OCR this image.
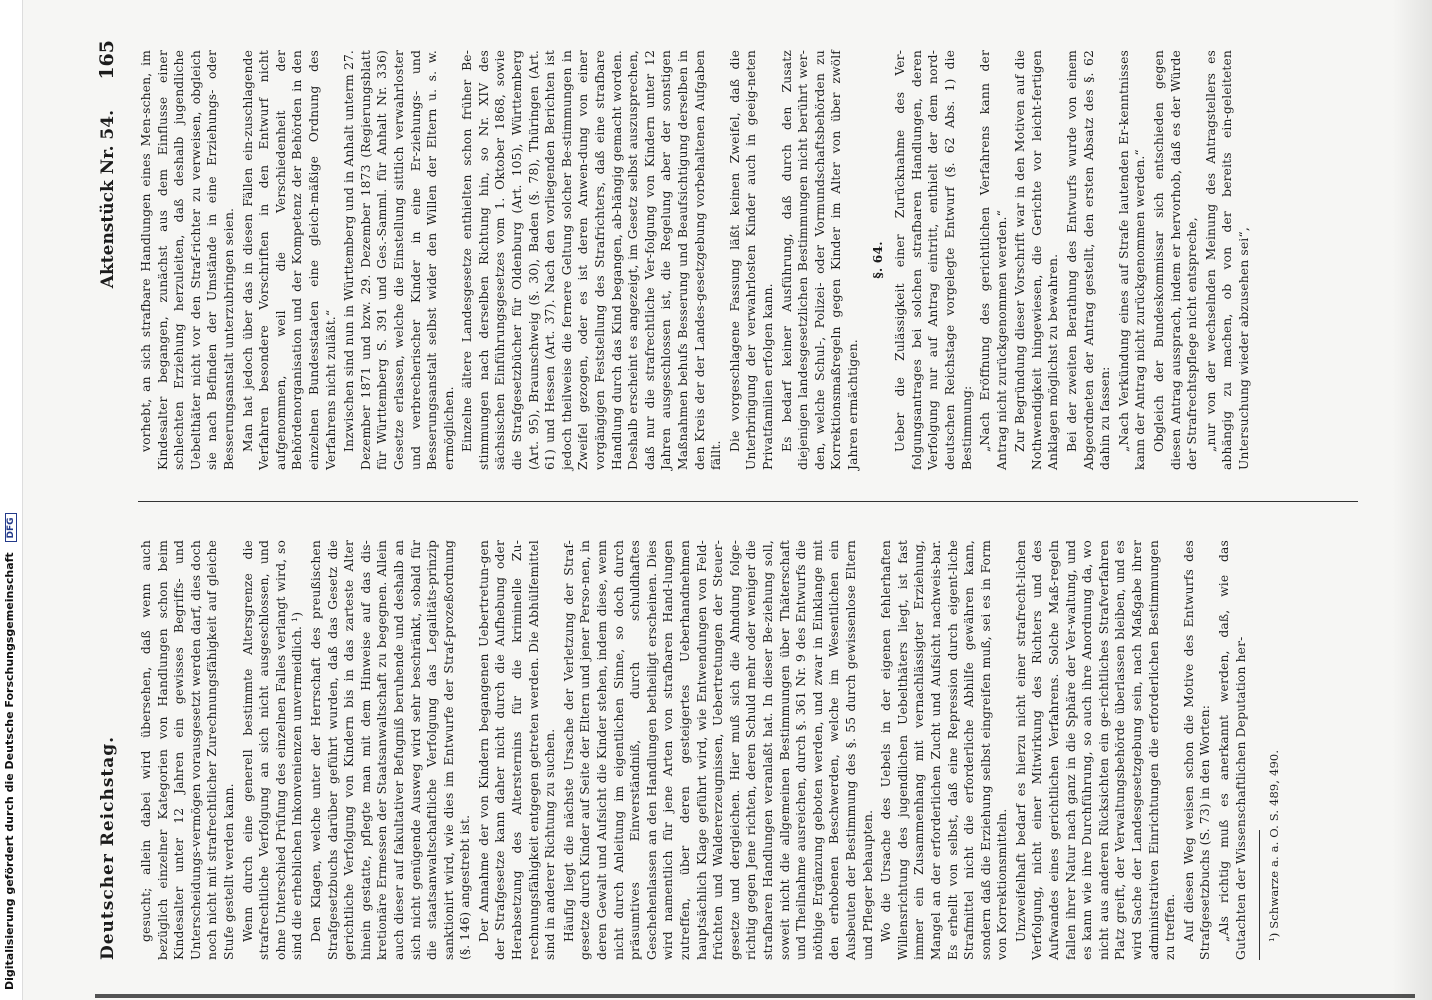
Digitalisierung gefördert durch die Deutsche Forschungsgemeinschaft DFG
Deutscher Reichstag.
Aktenstück Nr. 54.
165

gesucht; allein dabei wird übersehen, daß wenn auch bezüglich einzelner Kategorien von Handlungen schon beim Kindesalter unter 12 Jahren ein gewisses Begriffs- und Unterscheidungs-vermögen vorausgesetzt werden darf, dies doch noch nicht mit strafrechtlicher Zurechnungsfähigkeit auf gleiche Stufe gestellt werden kann. Wenn durch eine generell bestimmte Altersgrenze die strafrechtliche Verfolgung an sich nicht ausgeschlossen, und ohne Unterschied Prüfung des einzelnen Falles verlangt wird, so sind die erheblichen Inkonvenienzen unvermeidlich. ¹) Den Klagen, welche unter der Herrschaft des preußischen Strafgesetzbuchs darüber geführt wurden, daß das Gesetz die gerichtliche Verfolgung von Kindern bis in das zarteste Alter hinein gestatte, pflegte man mit dem Hinweise auf das dis-kretionäre Ermessen der Staatsanwaltschaft zu begegnen. Allein auch dieser auf fakultativer Befugniß beruhende und deshalb an sich nicht genügende Ausweg wird sehr beschränkt, sobald für die staatsanwaltschaftliche Verfolgung das Legalitäts-prinzip sanktionirt wird, wie dies im Entwurfe der Straf-prozeßordnung (§. 146) angestrebt ist. Der Annahme der von Kindern begangenen Uebertretun-gen der Strafgesetze kann daher nicht durch die Aufhebung oder Herabsetzung des Altersternins für die kriminelle Zu-rechnungsfähigkeit entgegen getreten werden. Die Abhülfemittel sind in anderer Richtung zu suchen. Häufig liegt die nächste Ursache der Verletzung der Straf-gesetze durch Kinder auf Seite der Eltern und jener Perso-nen, in deren Gewalt und Aufsicht die Kinder stehen, indem diese, wenn nicht durch Anleitung im eigentlichen Sinne, so doch durch präsumtives Einverständniß, durch schuldhaftes Geschehenlassen an den Handlungen betheiligt erscheinen. Dies wird namentlich für jene Arten von strafbaren Hand-lungen zutreffen, über deren gesteigertes Ueberhandnehmen hauptsächlich Klage geführt wird, wie Entwendungen von Feld-früchten und Waldererzeugnissen, Uebertretungen der Steuer-gesetze und dergleichen. Hier muß sich die Ahndung folge-richtig gegen Jene richten, deren Schuld mehr oder weniger die strafbaren Handlungen veranlaßt hat. In dieser Be-ziehung soll, soweit nicht die allgemeinen Bestimmungen über Thäterschaft und Theilnahme ausreichen, durch §. 361 Nr. 9 des Entwurfs die nöthige Ergänzung geboten werden, und zwar in Einklange mit den erhobenen Beschwerden, welche im Wesentlichen ein Ausbeuten der Bestimmung des §. 55 durch gewissenlose Eltern und Pfleger behaupten. Wo die Ursache des Uebels in der eigenen fehlerhaften Willensrichtung des jugendlichen Uebelthäters liegt, ist fast immer ein Zusammenhang mit vernachlässigter Erziehung, Mangel an der erforderlichen Zucht und Aufsicht nachweis-bar. Es erhellt von selbst, daß eine Repression durch eigent-liche Strafmittel nicht die erforderliche Abhilfe gewähren kann, sondern daß die Erziehung selbst eingreifen muß, sei es in Form von Korrektionsmitteln. Unzweifelhaft bedarf es hierzu nicht einer strafrecht-lichen Verfolgung, nicht einer Mitwirkung des Richters und des Aufwandes eines gerichtlichen Verfahrens. Solche Maß-regeln fallen ihrer Natur nach ganz in die Sphäre der Ver-waltung, und es kann wie ihre Durchführung, so auch ihre Anordnung da, wo nicht aus anderen Rücksichten ein ge-richtliches Strafverfahren Platz greift, der Verwaltungsbehörde überlassen bleiben, und es wird Sache der Landesgesetzgebung sein, nach Maßgabe ihrer administrativen Einrichtungen die erforderlichen Bestimmungen zu treffen. Auf diesen Weg weisen schon die Motive des Entwurfs des Strafgesetzbuchs (S. 73) in den Worten: „Als richtig muß es anerkannt werden, daß, wie das Gutachten der Wissenschaftlichen Deputation her- ¹) Schwarze a. a. O. S. 489, 490.

vorhebt, an sich strafbare Handlungen eines Men-schen, im Kindesalter begangen, zunächst aus dem Einflusse einer schlechten Erziehung herzuleiten, daß deshalb jugendliche Uebelthäter nicht vor den Straf-richter zu verweisen, obgleich sie nach Befinden der Umstände in eine Erziehungs- oder Besserungsanstalt unterzubringen seien. Man hat jedoch über das in diesen Fällen ein-zuschlagende Verfahren besondere Vorschriften in den Entwurf nicht aufgenommen, weil die Verschiedenheit der Behördenorganisation und der Kompetenz der Behörden in den einzelnen Bundesstaaten eine gleich-mäßige Ordnung des Verfahrens nicht zuläßt.“ Inzwischen sind nun in Württemberg und in Anhalt unterm 27. Dezember 1871 und bzw. 29. Dezember 1873 (Regierungsblatt für Württemberg S. 391 und Ges.-Samml. für Anhalt Nr. 336) Gesetze erlassen, welche die Einstellung sittlich verwahrloster und verbrecherischer Kinder in eine Er-ziehungs- und Besserungsanstalt selbst wider den Willen der Eltern u. s. w. ermöglichen. Einzelne ältere Landesgesetze enthielten schon früher Be-stimmungen nach derselben Richtung hin, so Nr. XIV des sächsischen Einführungsgesetzes vom 1. Oktober 1868, sowie die Strafgesetzbücher für Oldenburg (Art. 105), Württemberg (Art. 95), Braunschweig (§. 30), Baden (§. 78), Thüringen (Art. 61) und Hessen (Art. 37). Nach den vorliegenden Berichten ist jedoch theilweise die fernere Geltung solcher Be-stimmungen in Zweifel gezogen, oder es ist deren Anwen-dung von einer vorgängigen Feststellung des Strafrichters, daß eine strafbare Handlung durch das Kind begangen, ab-hängig gemacht worden. Deshalb erscheint es angezeigt, im Gesetz selbst auszusprechen, daß nur die strafrechtliche Ver-folgung von Kindern unter 12 Jahren ausgeschlossen ist, die Regelung aber der sonstigen Maßnahmen behufs Besserung und Beaufsichtigung derselben in den Kreis der der Landes-gesetzgebung vorbehaltenen Aufgaben fällt.

Die vorgeschlagene Fassung läßt keinen Zweifel, daß die Unterbringung der verwahrlosten Kinder auch in geeig-neten Privatfamilien erfolgen kann. Es bedarf keiner Ausführung, daß durch den Zusatz diejenigen landesgesetzlichen Bestimmungen nicht berührt wer-den, welche Schul-, Polizei- oder Vormundschaftsbehörden zu Korrektionsmaßregeln gegen Kinder im Alter von über zwölf Jahren ermächtigen.

§. 64. Ueber die Zulässigkeit einer Zurücknahme des Ver-folgungsantrages bei solchen strafbaren Handlungen, deren Verfolgung nur auf Antrag eintritt, enthielt der dem nord-deutschen Reichstage vorgelegte Entwurf (§. 62 Abs. 1) die Bestimmung: „Nach Eröffnung des gerichtlichen Verfahrens kann der Antrag nicht zurückgenommen werden.“ Zur Begründung dieser Vorschrift war in den Motiven auf die Nothwendigkeit hingewiesen, die Gerichte vor leicht-fertigen Anklagen möglichst zu bewahren. Bei der zweiten Berathung des Entwurfs wurde von einem Abgeordneten der Antrag gestellt, den ersten Absatz des §. 62 dahin zu fassen: „Nach Verkündung eines auf Strafe lautenden Er-kenntnisses kann der Antrag nicht zurückgenommen werden.“ Obgleich der Bundeskommissar sich entschieden gegen diesen Antrag aussprach, indem er hervorhob, daß es der Würde der Strafrechtspflege nicht entspreche, „nur von der wechselnden Meinung des Antragstellers es abhängig zu machen, ob von der bereits ein-geleiteten Untersuchung wieder abzusehen sei“,
